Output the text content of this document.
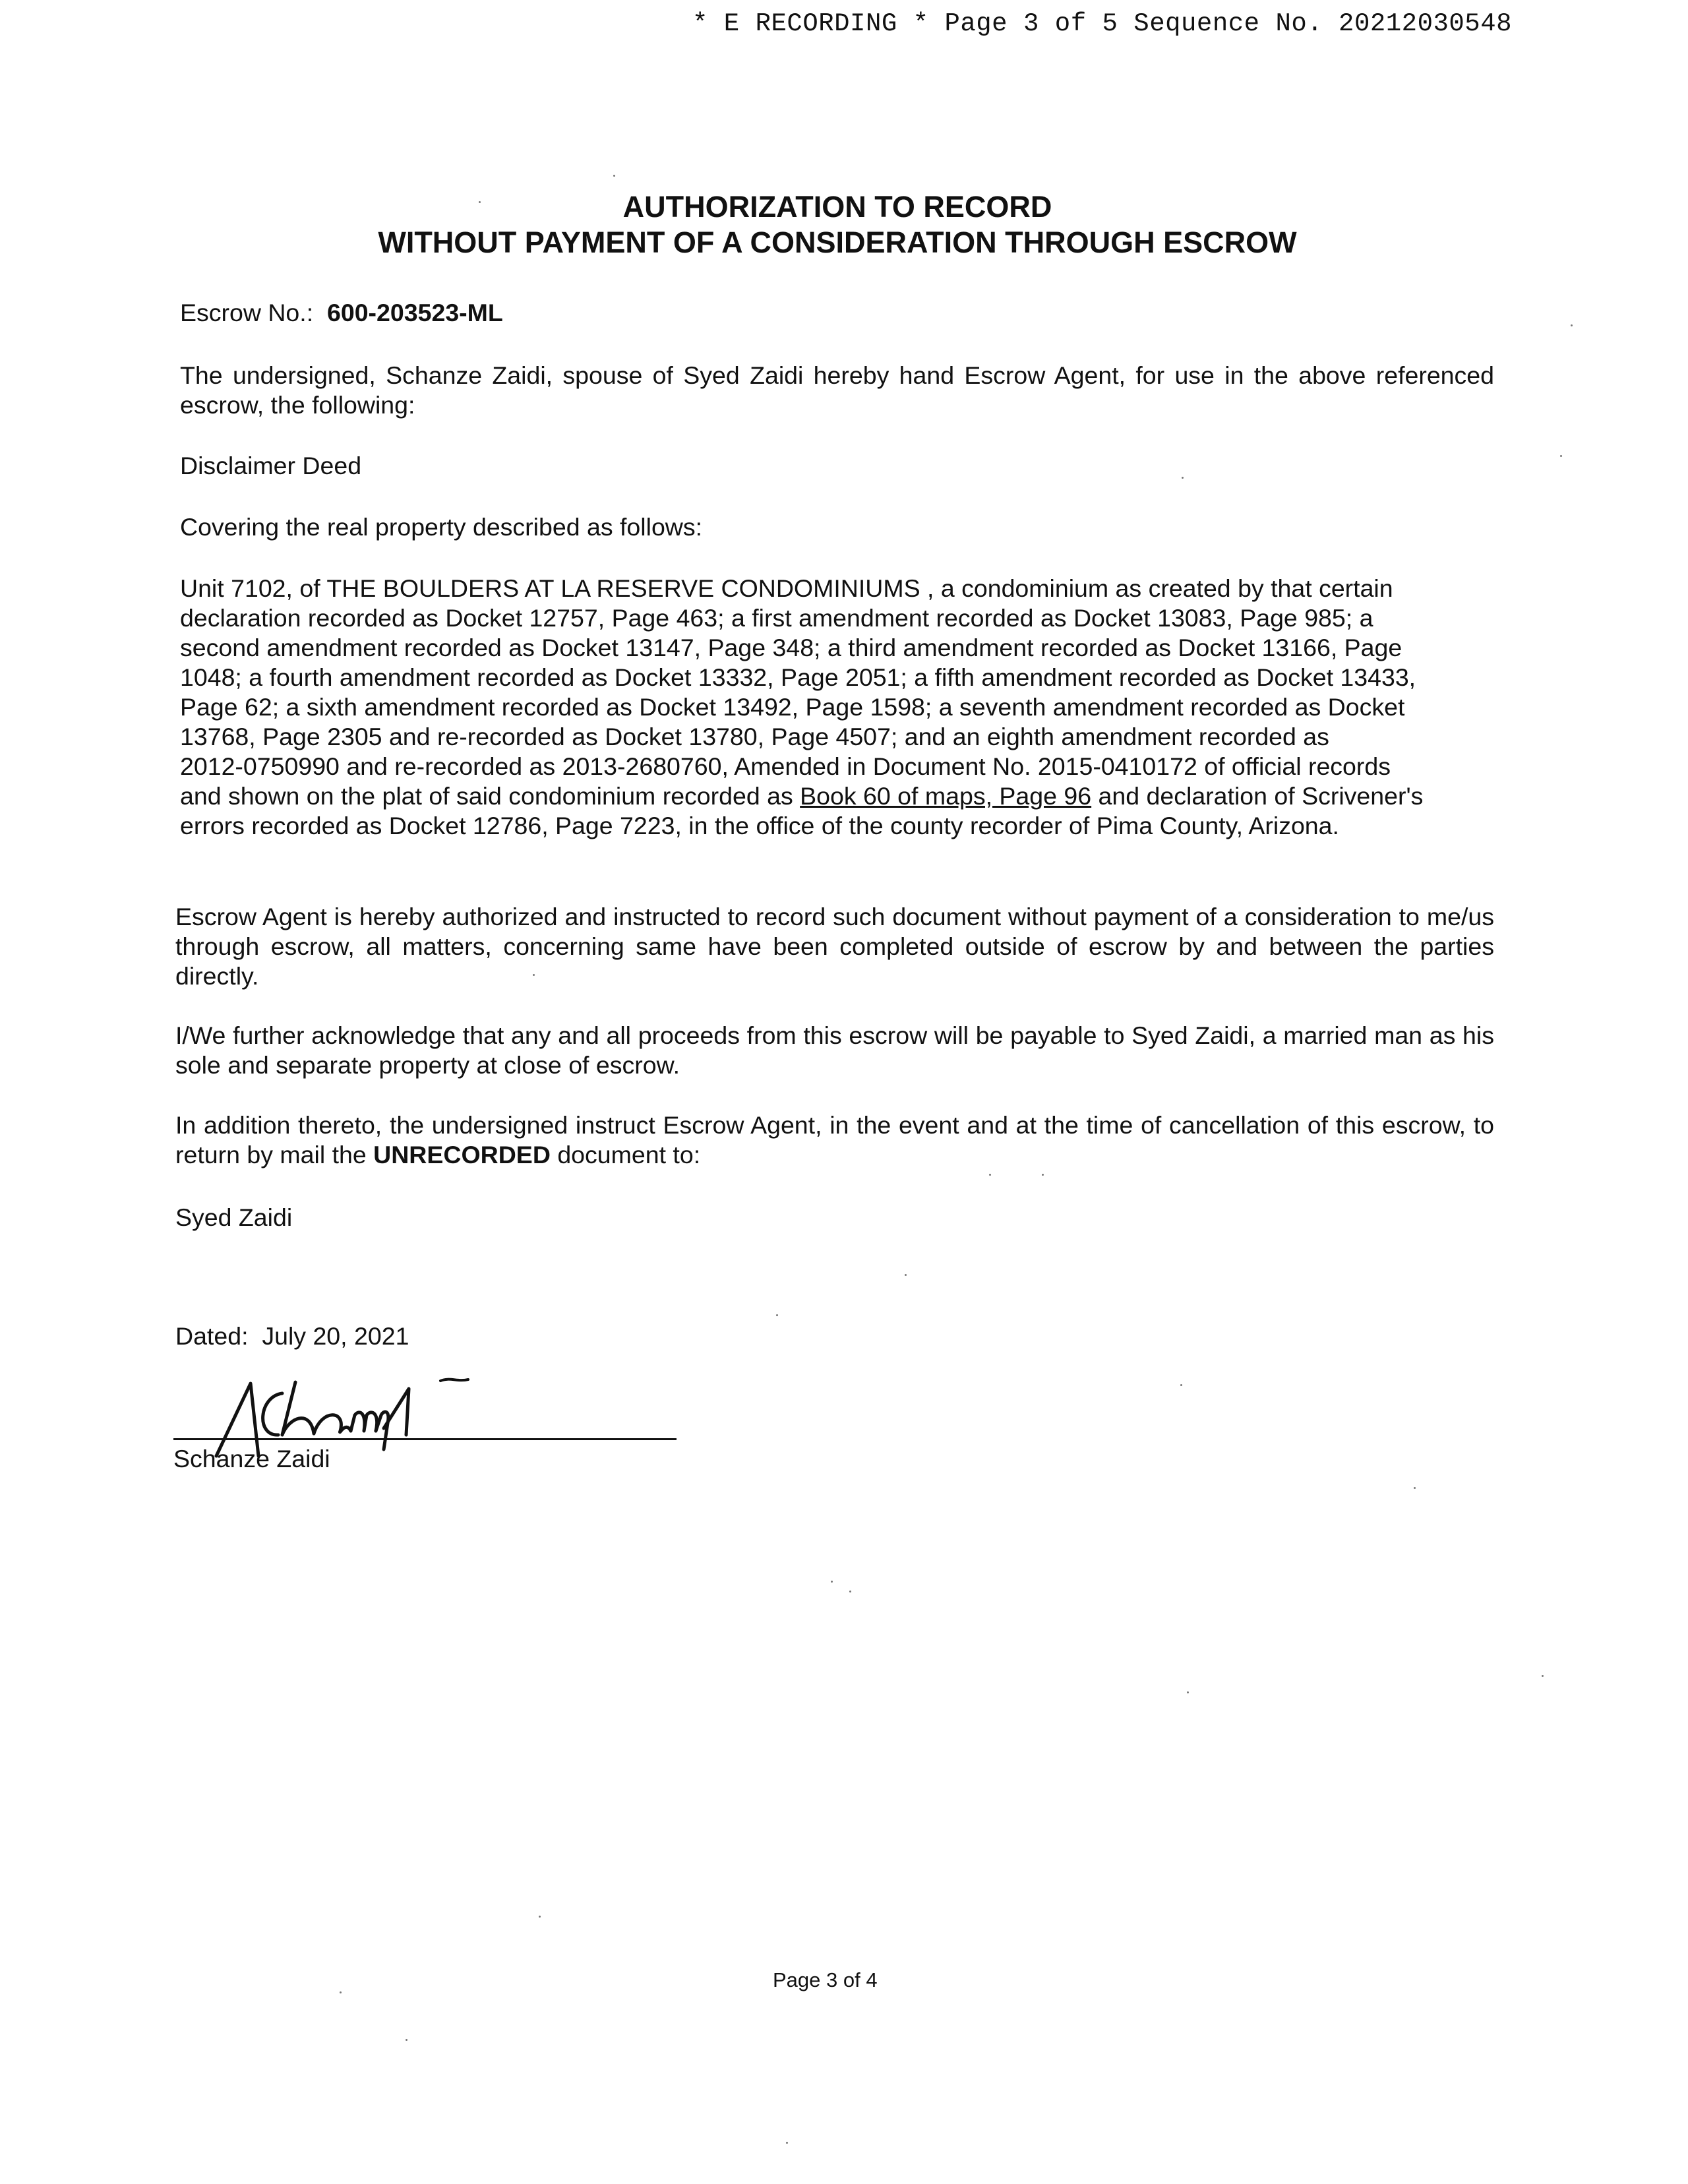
* E RECORDING * Page 3 of 5 Sequence No. 20212030548
AUTHORIZATION TO RECORD
WITHOUT PAYMENT OF A CONSIDERATION THROUGH ESCROW
Escrow No.: 600-203523-ML
The undersigned, Schanze Zaidi, spouse of Syed Zaidi hereby hand Escrow Agent, for use in the above referenced escrow, the following:
Disclaimer Deed
Covering the real property described as follows:
Unit 7102, of THE BOULDERS AT LA RESERVE CONDOMINIUMS , a condominium as created by that certain
declaration recorded as Docket 12757, Page 463; a first amendment recorded as Docket 13083, Page 985; a
second amendment recorded as Docket 13147, Page 348; a third amendment recorded as Docket 13166, Page
1048; a fourth amendment recorded as Docket 13332, Page 2051; a fifth amendment recorded as Docket 13433,
Page 62; a sixth amendment recorded as Docket 13492, Page 1598; a seventh amendment recorded as Docket
13768, Page 2305 and re-recorded as Docket 13780, Page 4507; and an eighth amendment recorded as
2012-0750990 and re-recorded as 2013-2680760, Amended in Document No. 2015-0410172 of official records
and shown on the plat of said condominium recorded as Book 60 of maps, Page 96 and declaration of Scrivener's
errors recorded as Docket 12786, Page 7223, in the office of the county recorder of Pima County, Arizona.
Escrow Agent is hereby authorized and instructed to record such document without payment of a consideration to me/us through escrow, all matters, concerning same have been completed outside of escrow by and between the parties directly.
I/We further acknowledge that any and all proceeds from this escrow will be payable to Syed Zaidi, a married man as his sole and separate property at close of escrow.
In addition thereto, the undersigned instruct Escrow Agent, in the event and at the time of cancellation of this escrow, to return by mail the UNRECORDED document to:
Syed Zaidi
Dated: July 20, 2021
Schanze Zaidi
Page 3 of 4
